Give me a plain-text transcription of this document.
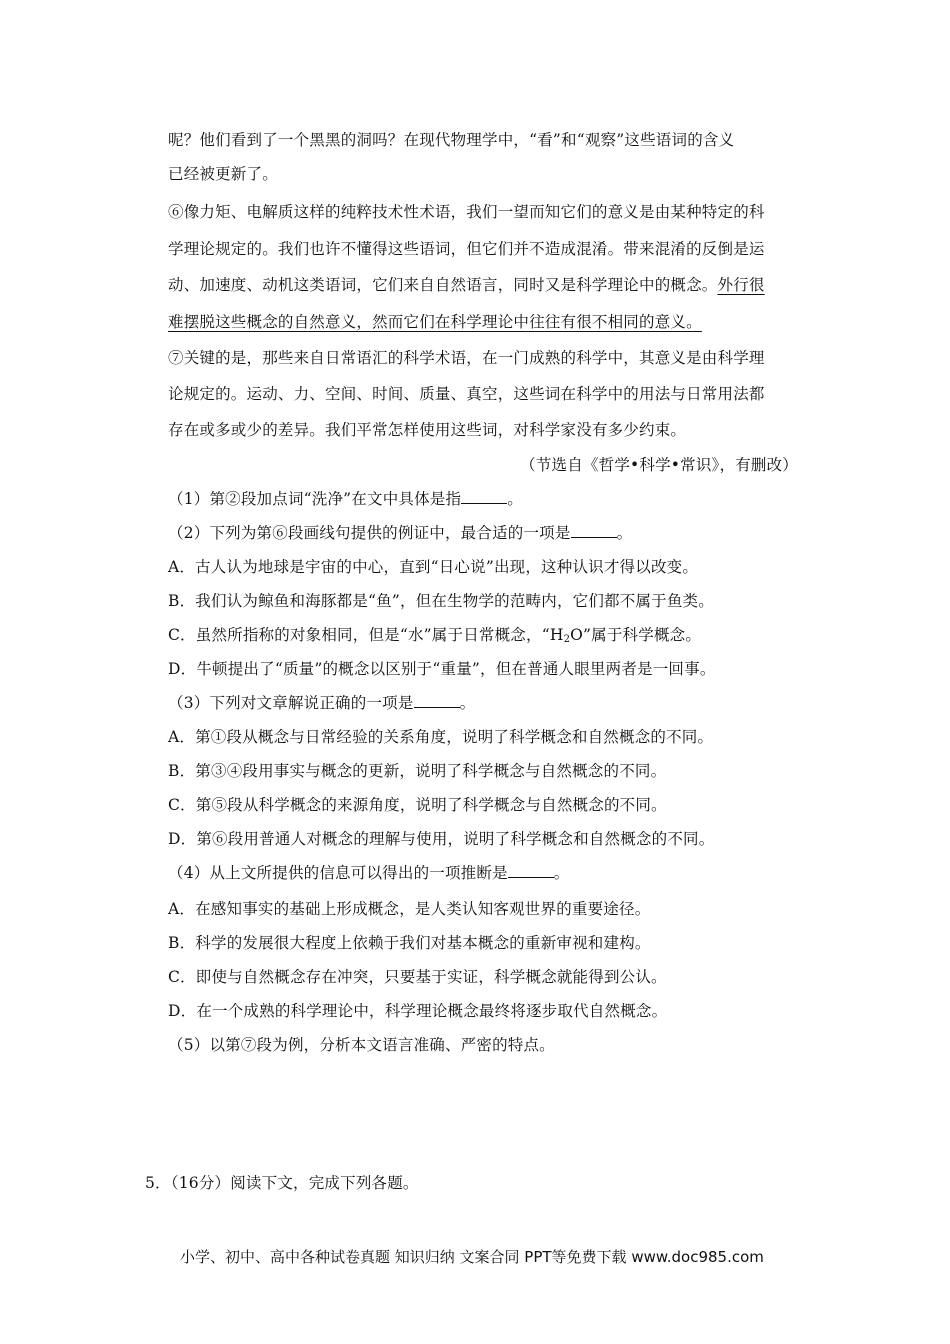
呢？他们看到了一个黑黑的洞吗？在现代物理学中，“看”和“观察”这些语词的含义
已经被更新了。
⑥像力矩、电解质这样的纯粹技术性术语，我们一望而知它们的意义是由某种特定的科
学理论规定的。我们也许不懂得这些语词，但它们并不造成混淆。带来混淆的反倒是运
动、加速度、动机这类语词，它们来自自然语言，同时又是科学理论中的概念。外行很
难摆脱这些概念的自然意义，然而它们在科学理论中往往有很不相同的意义。
⑦关键的是，那些来自日常语汇的科学术语，在一门成熟的科学中，其意义是由科学理
论规定的。运动、力、空间、时间、质量、真空，这些词在科学中的用法与日常用法都
存在或多或少的差异。我们平常怎样使用这些词，对科学家没有多少约束。
（节选自《哲学•科学•常识》，有删改）
（1）第②段加点词“洗净”在文中具体是指	。
（2）下列为第⑥段画线句提供的例证中，最合适的一项是	。
A．古人认为地球是宇宙的中心，直到“日心说”出现，这种认识才得以改变。
B．我们认为鲸鱼和海豚都是“鱼”，但在生物学的范畴内，它们都不属于鱼类。
C．虽然所指称的对象相同，但是“水”属于日常概念，“$H_2O$”属于科学概念。
D．牛顿提出了“质量”的概念以区别于“重量”，但在普通人眼里两者是一回事。
（3）下列对文章解说正确的一项是	。
A．第①段从概念与日常经验的关系角度，说明了科学概念和自然概念的不同。
B．第③④段用事实与概念的更新，说明了科学概念与自然概念的不同。
C．第⑤段从科学概念的来源角度，说明了科学概念与自然概念的不同。
D．第⑥段用普通人对概念的理解与使用，说明了科学概念和自然概念的不同。
（4）从上文所提供的信息可以得出的一项推断是	。
A．在感知事实的基础上形成概念，是人类认知客观世界的重要途径。
B．科学的发展很大程度上依赖于我们对基本概念的重新审视和建构。
C．即使与自然概念存在冲突，只要基于实证，科学概念就能得到公认。
D．在一个成熟的科学理论中，科学理论概念最终将逐步取代自然概念。
（5）以第⑦段为例，分析本文语言准确、严密的特点。
5．（16分）阅读下文，完成下列各题。
小学、初中、高中各种试卷真题 知识归纳 文案合同 PPT等免费下载 www.doc985.com
